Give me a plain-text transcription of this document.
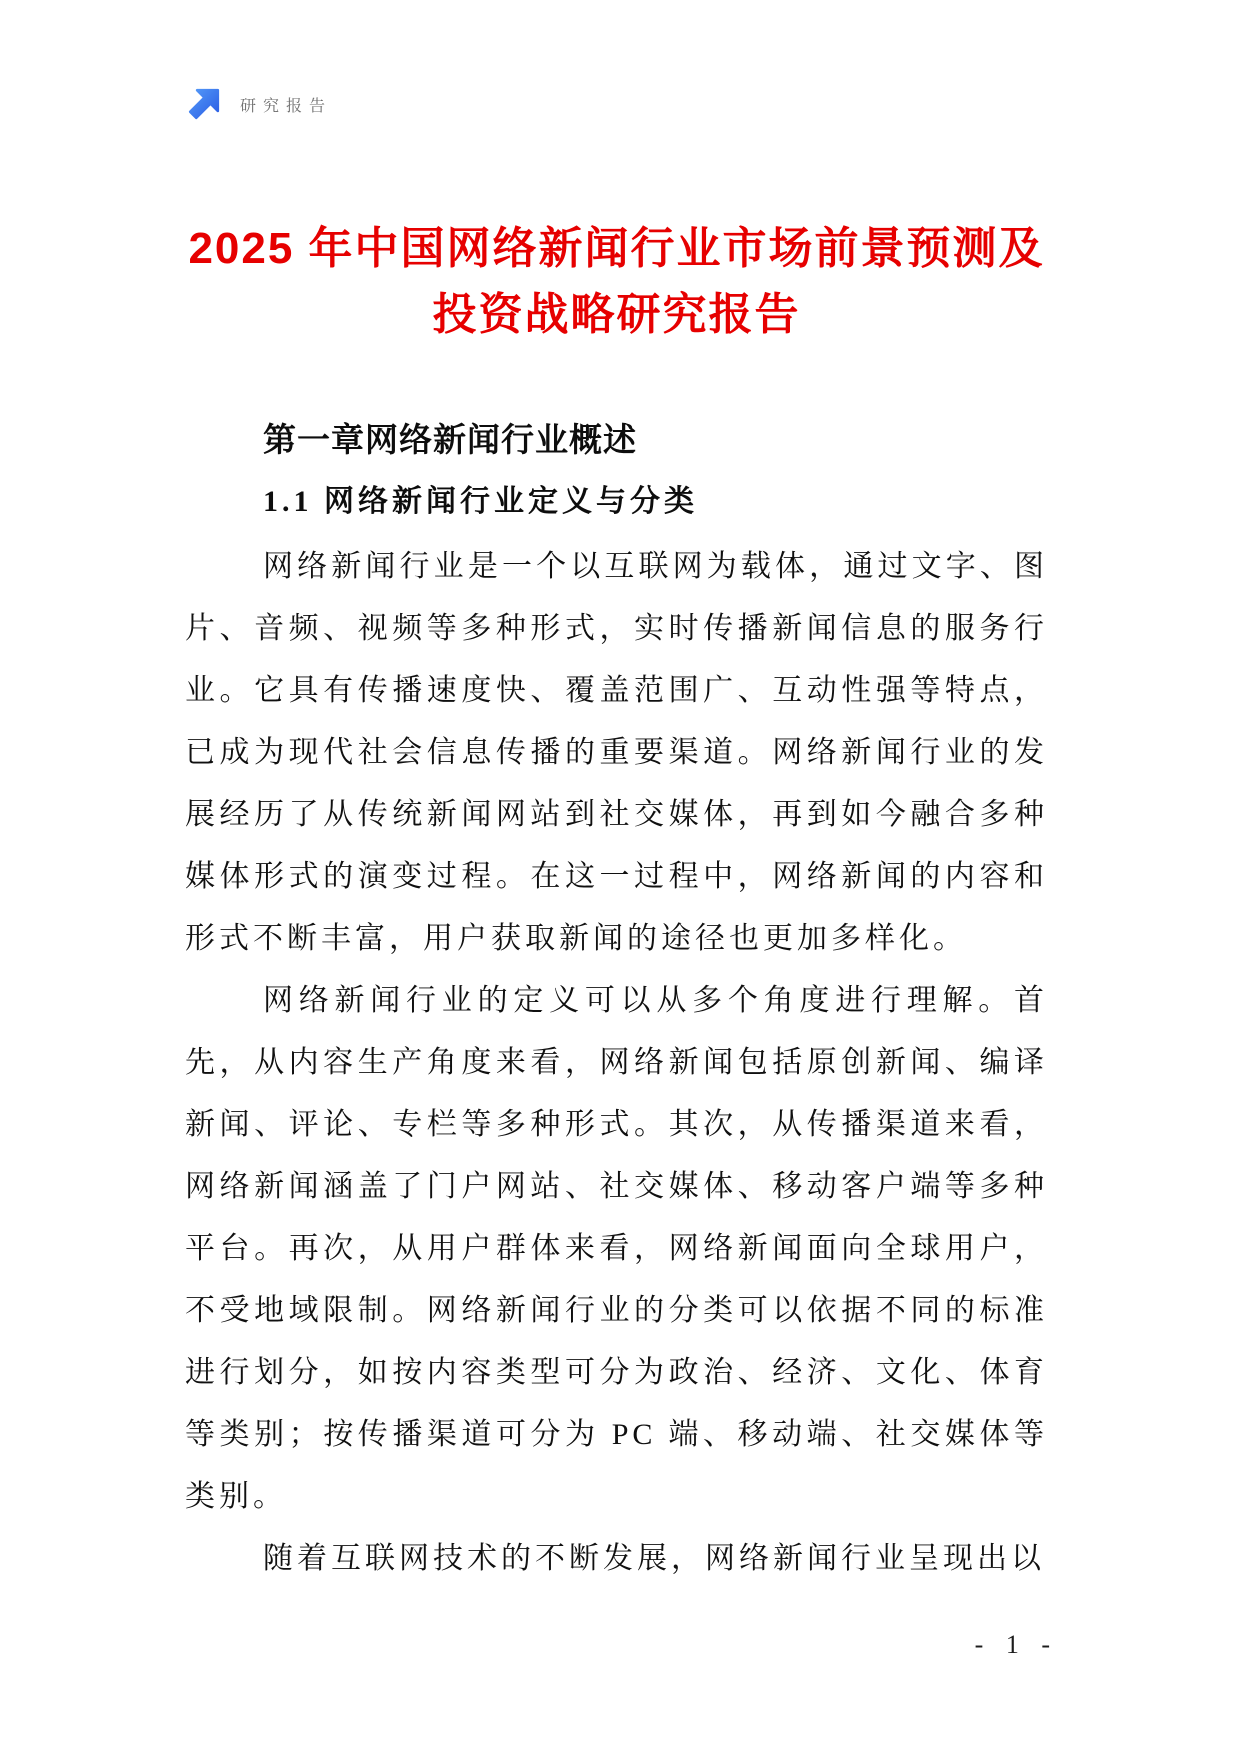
研究报告
2025 年中国网络新闻行业市场前景预测及
投资战略研究报告
第一章网络新闻行业概述
1.1 网络新闻行业定义与分类

网络新闻行业是一个以互联网为载体，通过文字、图片、音频、视频等多种形式，实时传播新闻信息的服务行业。它具有传播速度快、覆盖范围广、互动性强等特点，已成为现代社会信息传播的重要渠道。网络新闻行业的发展经历了从传统新闻网站到社交媒体，再到如今融合多种媒体形式的演变过程。在这一过程中，网络新闻的内容和形式不断丰富，用户获取新闻的途径也更加多样化。

网络新闻行业的定义可以从多个角度进行理解。首先，从内容生产角度来看，网络新闻包括原创新闻、编译新闻、评论、专栏等多种形式。其次，从传播渠道来看，网络新闻涵盖了门户网站、社交媒体、移动客户端等多种平台。再次，从用户群体来看，网络新闻面向全球用户，不受地域限制。网络新闻行业的分类可以依据不同的标准进行划分，如按内容类型可分为政治、经济、文化、体育等类别；按传播渠道可分为 PC 端、移动端、社交媒体等类别。

随着互联网技术的不断发展，网络新闻行业呈现出以

- 1 -
